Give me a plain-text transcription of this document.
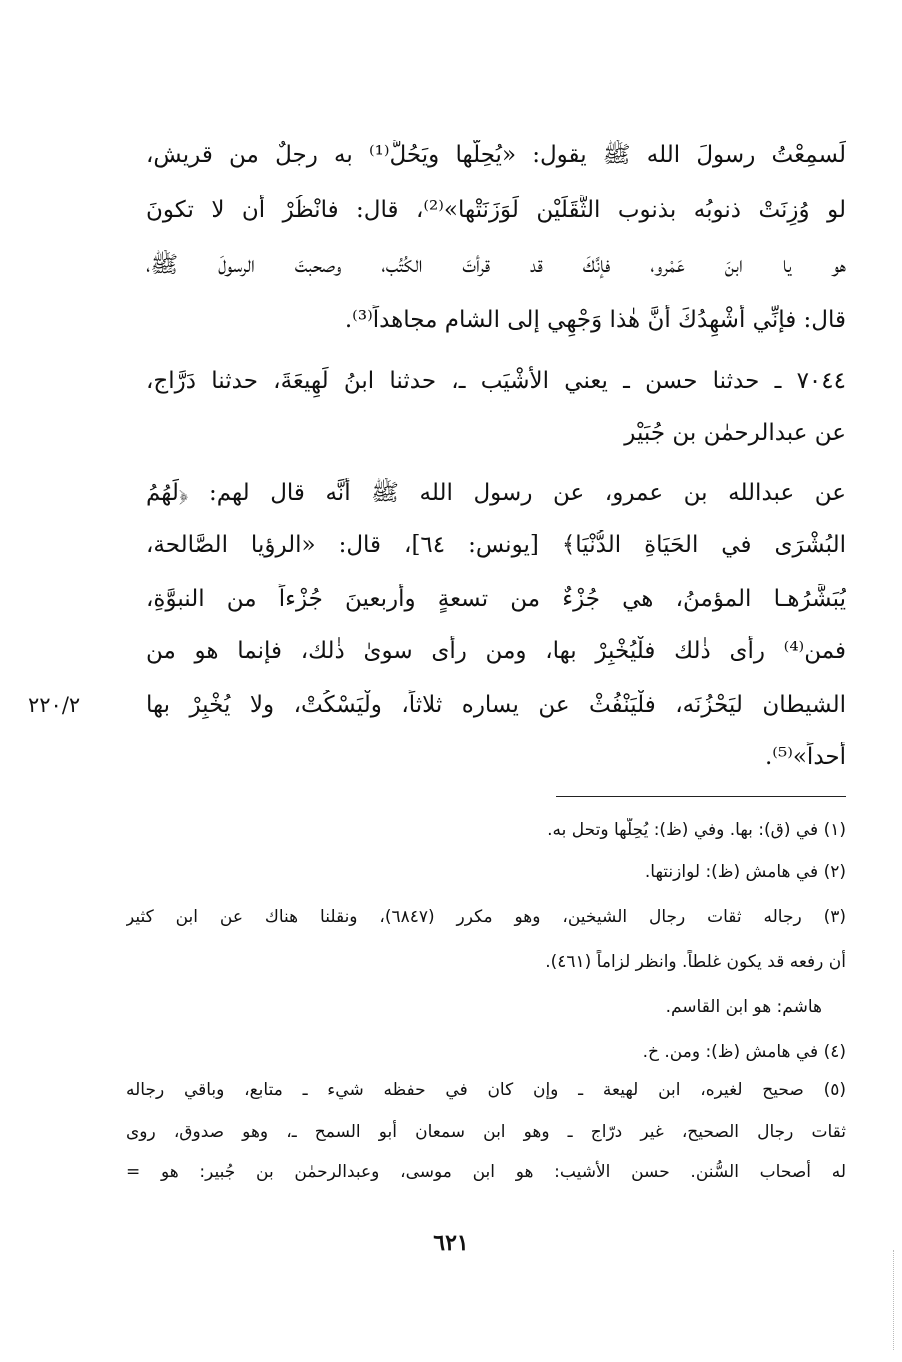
لَسمِعْتُ رسولَ الله ﷺ يقول: «يُحِلُّها ويَحُلُّ⁽¹⁾ به رجلٌ من قريش،
لو وُزِنَتْ ذنوبُه بذنوب الثَّقَلَيْن لَوَزَنَتْها»⁽²⁾، قال: فانْظُرْ أن لا تكونَ
هو يا ابنَ عَمْرو، فإنَّكَ قد قرأتَ الكُتُب، وصحبتَ الرسولَ ﷺ،
قال: فإنِّي أُشْهِدُكَ أنَّ هٰذا وَجْهِي إلى الشام مجاهداً⁽³⁾.
٧٠٤٤ ـ حدثنا حسن ـ يعني الأَشْيَب ـ، حدثنا ابنُ لَهِيعَةَ، حدثنا دَرَّاج،
عن عبدالرحمٰن بن جُبَيْر
عن عبدالله بن عمرو، عن رسول الله ﷺ أنَّه قال لهم: ﴿لَهُمُ
البُشْرَى في الحَيَاةِ الدُّنْيَا﴾ [يونس: ٦٤]، قال: «الرؤيا الصَّالحة،
يُبَشَّرُهـا المؤمنُ، هي جُزْءٌ من تسعةٍ وأربعينَ جُزْءاً من النبوَّةِ،
فمن⁽⁴⁾ رأى ذٰلك فلْيُخْبِرْ بها، ومن رأى سوىٰ ذٰلك، فإنما هو من
الشيطان ليَحْزُنَه، فلْيَنْفُثْ عن يساره ثلاثاً، ولْيَسْكُتْ، ولا يُخْبِرْ بها
أحداً»⁽⁵⁾.
٢٢٠/٢
(١) في (ق): بها. وفي (ظ): يُحِلّها وتحل به.
(٢) في هامش (ظ): لوازنتها.
(٣) رجاله ثقات رجال الشيخين، وهو مكرر (٦٨٤٧)، ونقلنا هناك عن ابن كثير
أن رفعه قد يكون غلطاً. وانظر لزاماً (٤٦١).
هاشم: هو ابن القاسم.
(٤) في هامش (ظ): ومن. خ.
(٥) صحيح لغيره، ابن لهيعة ـ وإن كان في حفظه شيء ـ متابع، وباقي رجاله
ثقات رجال الصحيح، غير درّاج ـ وهو ابن سمعان أبو السمح ـ، وهو صدوق، روى
له أصحاب السُّنن. حسن الأشيب: هو ابن موسى، وعبدالرحمٰن بن جُبير: هو =
٦٢١
